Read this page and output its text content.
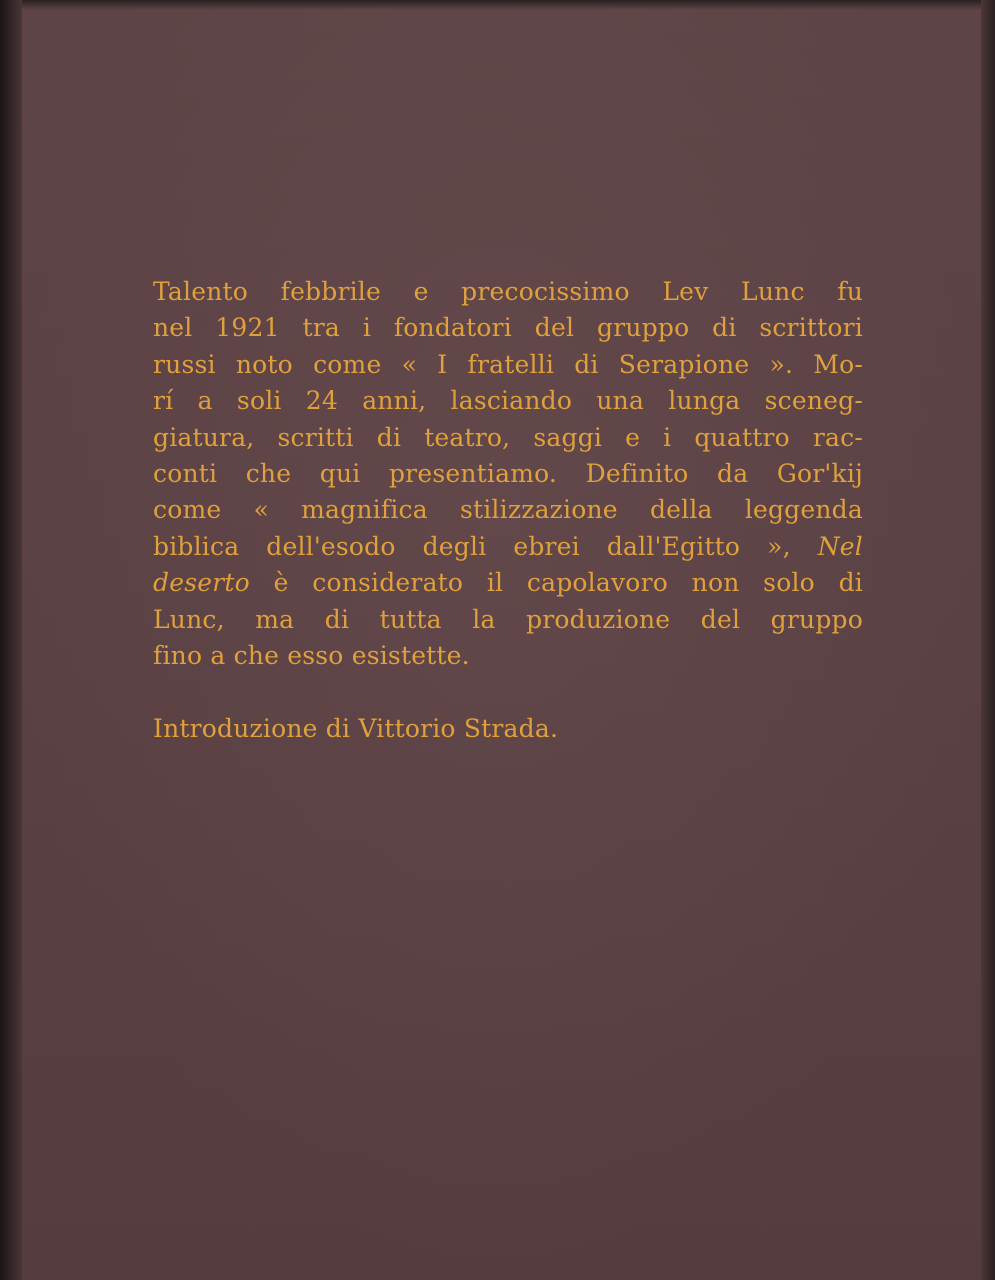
Talento febbrile e precocissimo Lev Lunc fu
nel 1921 tra i fondatori del gruppo di scrittori
russi noto come « I fratelli di Serapione ». Mo-
rí a soli 24 anni, lasciando una lunga sceneg-
giatura, scritti di teatro, saggi e i quattro rac-
conti che qui presentiamo. Definito da Gor'kij
come « magnifica stilizzazione della leggenda
biblica dell'esodo degli ebrei dall'Egitto », Nel
deserto è considerato il capolavoro non solo di
Lunc, ma di tutta la produzione del gruppo
fino a che esso esistette.
Introduzione di Vittorio Strada.
